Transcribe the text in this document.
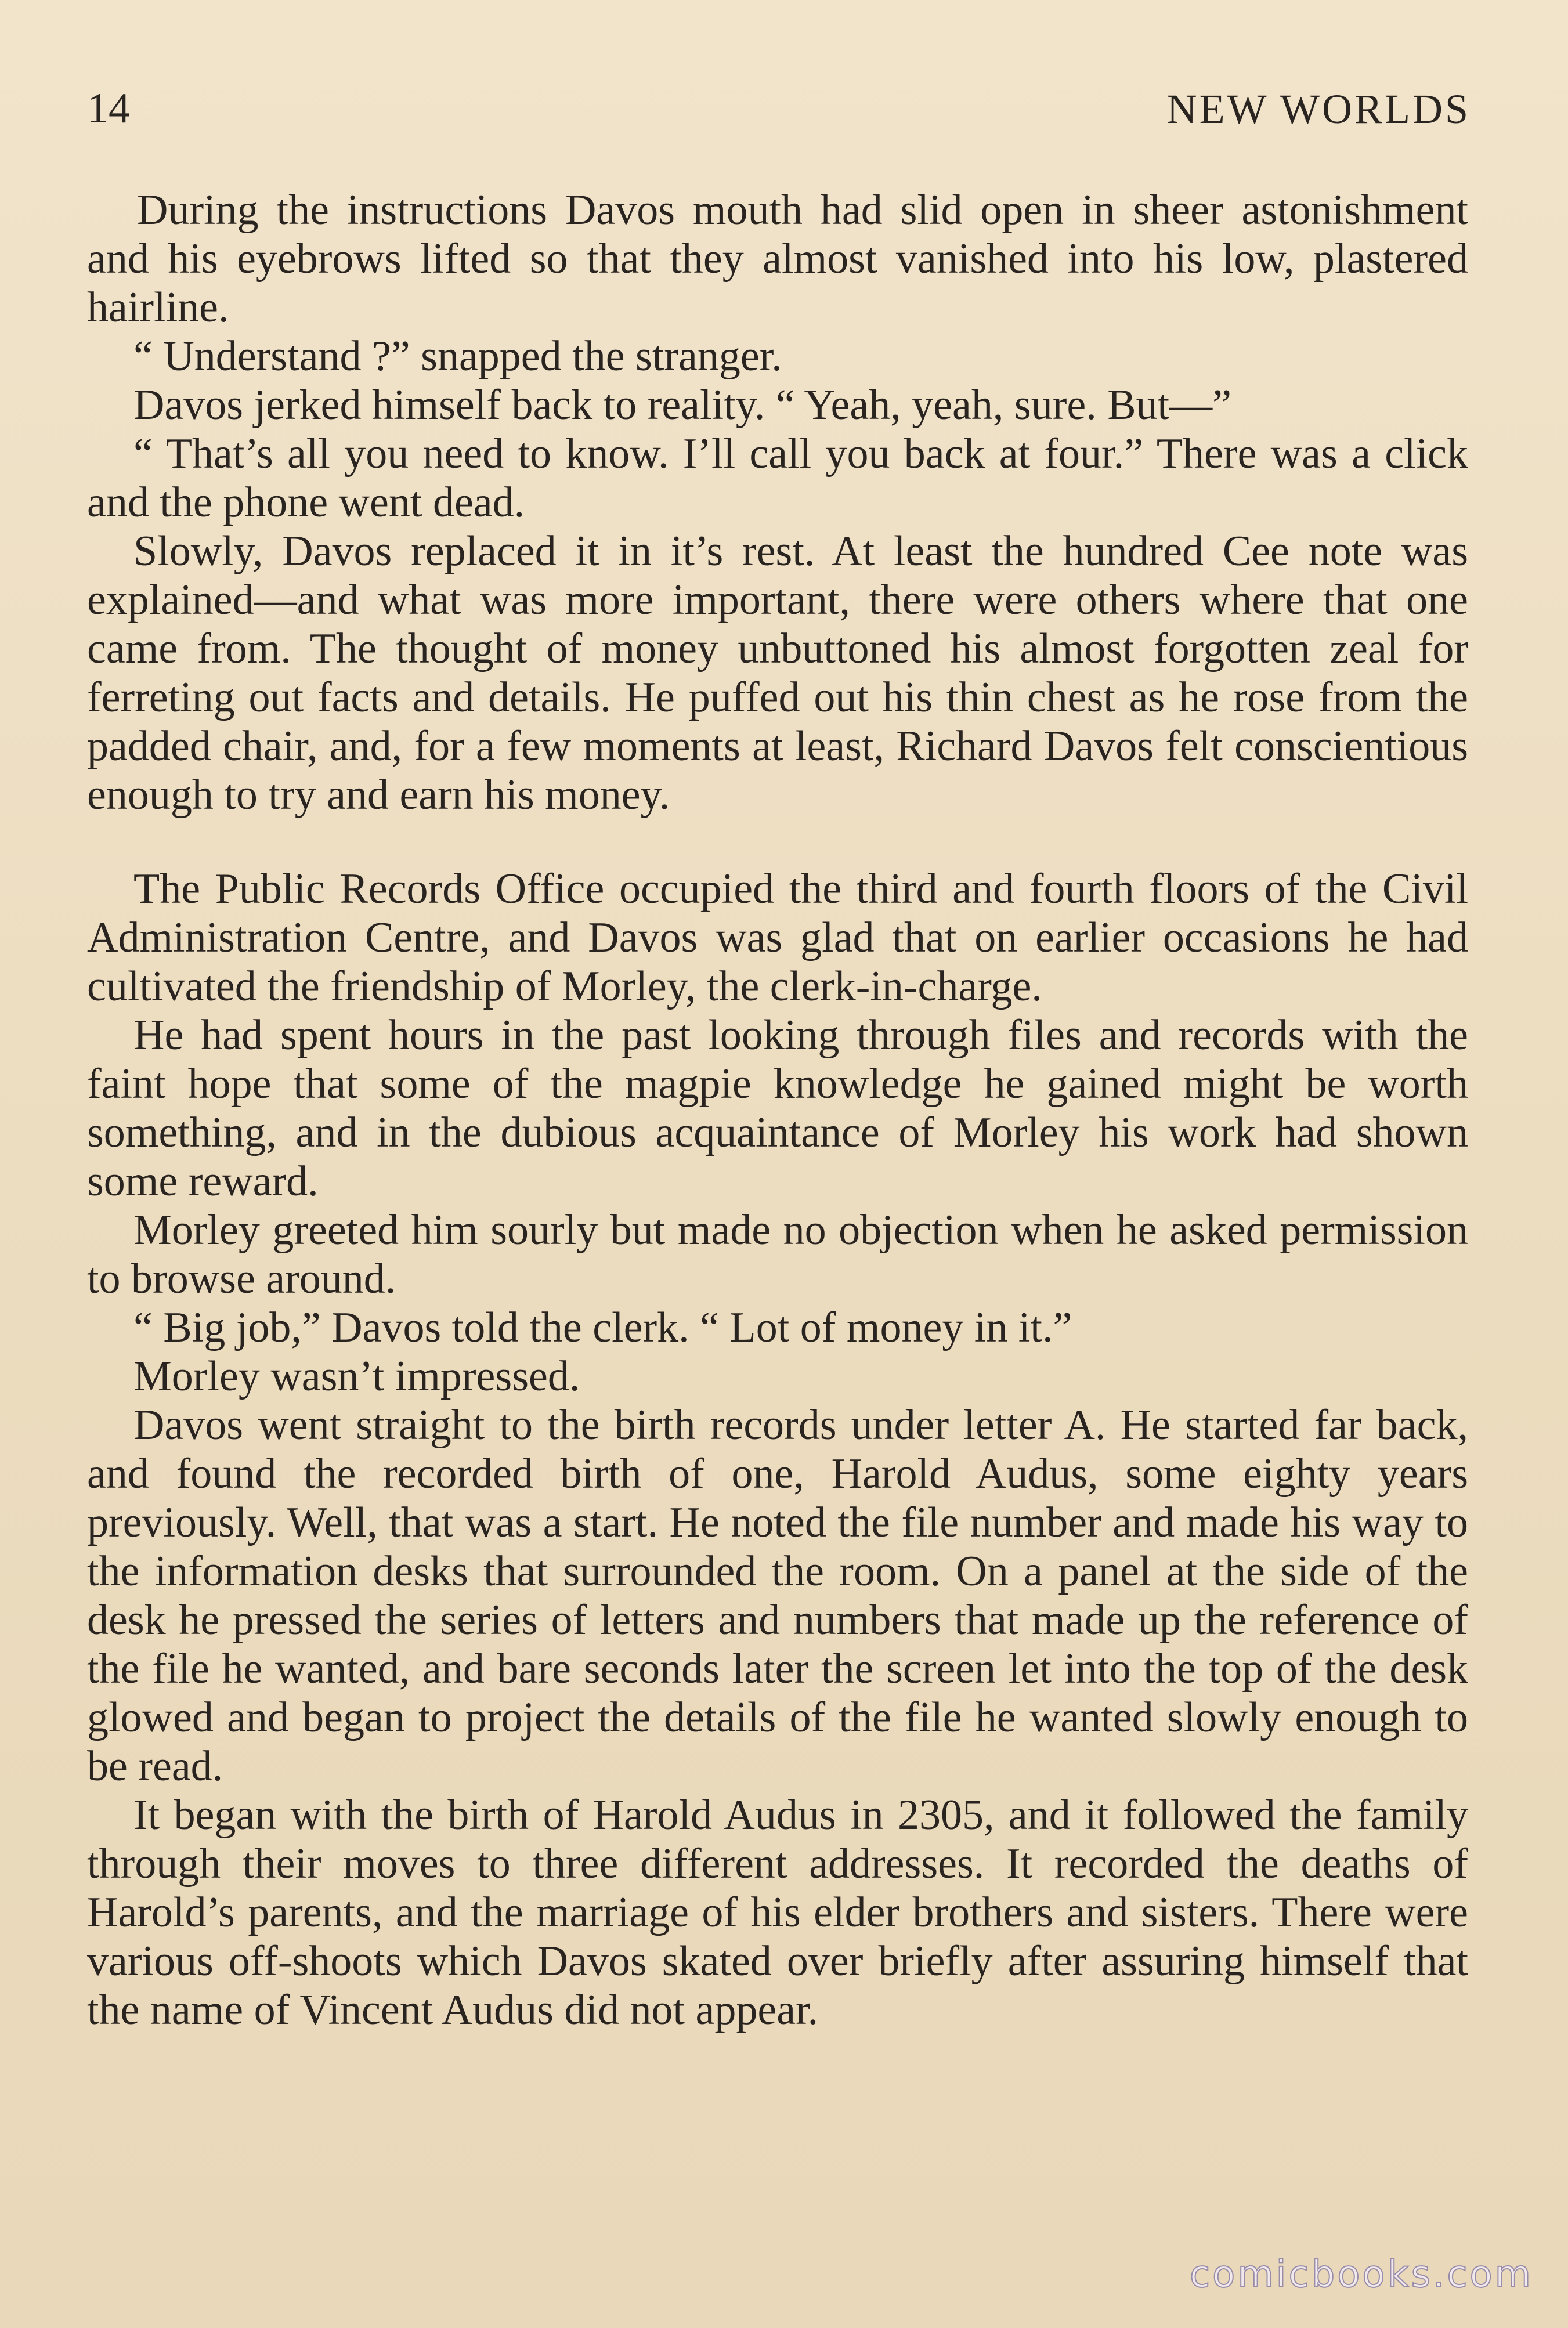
14	NEW WORLDS

During the instructions Davos mouth had slid open in sheer astonishment and his eyebrows lifted so that they almost vanished into his low, plastered hairline.

“ Understand ?” snapped the stranger.

Davos jerked himself back to reality. “ Yeah, yeah, sure. But—”

“ That’s all you need to know. I’ll call you back at four.” There was a click and the phone went dead.

Slowly, Davos replaced it in it’s rest. At least the hundred Cee note was explained—and what was more important, there were others where that one came from. The thought of money unbuttoned his almost forgotten zeal for ferreting out facts and details. He puffed out his thin chest as he rose from the padded chair, and, for a few moments at least, Richard Davos felt conscientious enough to try and earn his money.

The Public Records Office occupied the third and fourth floors of the Civil Administration Centre, and Davos was glad that on earlier occasions he had cultivated the friendship of Morley, the clerk-in-charge.

He had spent hours in the past looking through files and records with the faint hope that some of the magpie knowledge he gained might be worth something, and in the dubious acquaintance of Morley his work had shown some reward.

Morley greeted him sourly but made no objection when he asked permission to browse around.

“ Big job,” Davos told the clerk. “ Lot of money in it.”

Morley wasn’t impressed.

Davos went straight to the birth records under letter A. He started far back, and found the recorded birth of one, Harold Audus, some eighty years previously. Well, that was a start. He noted the file number and made his way to the information desks that surrounded the room. On a panel at the side of the desk he pressed the series of letters and numbers that made up the reference of the file he wanted, and bare seconds later the screen let into the top of the desk glowed and began to project the details of the file he wanted slowly enough to be read.

It began with the birth of Harold Audus in 2305, and it followed the family through their moves to three different addresses. It recorded the deaths of Harold’s parents, and the marriage of his elder brothers and sisters. There were various off-shoots which Davos skated over briefly after assuring himself that the name of Vincent Audus did not appear.

comicbooks.com
